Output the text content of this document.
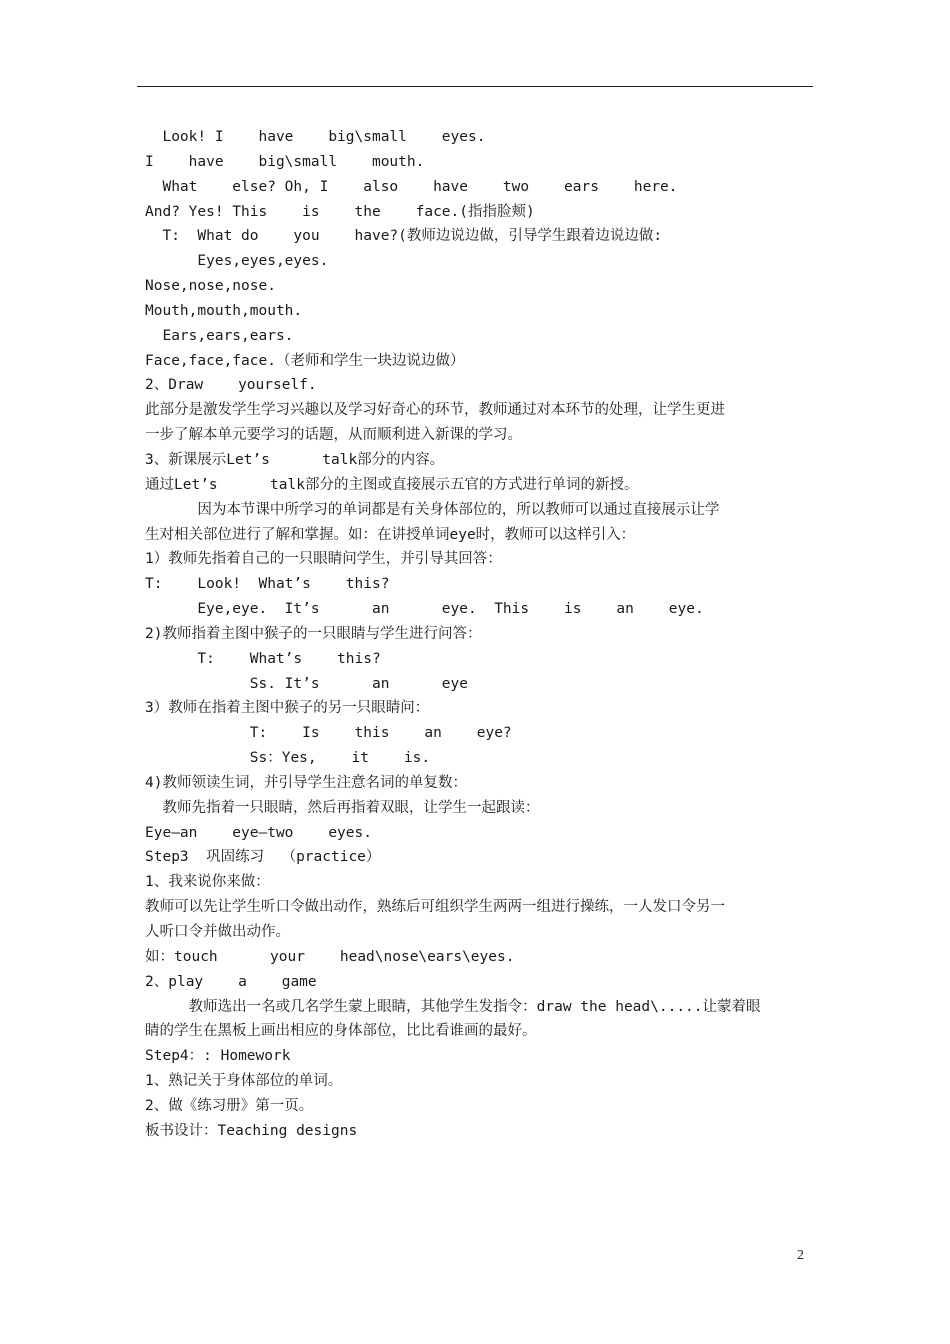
Look! I    have    big\small    eyes.
I    have    big\small    mouth.
What    else? Oh, I    also    have    two    ears    here.
And? Yes! This    is    the    face.(指指脸颊)
T:  What do    you    have?(教师边说边做，引导学生跟着边说边做:
Eyes,eyes,eyes.
Nose,nose,nose.
Mouth,mouth,mouth.
Ears,ears,ears.
Face,face,face.（老师和学生一块边说边做）
2、Draw    yourself.
此部分是激发学生学习兴趣以及学习好奇心的环节，教师通过对本环节的处理，让学生更进
一步了解本单元要学习的话题，从而顺利进入新课的学习。
3、新课展示Let’s      talk部分的内容。
通过Let’s      talk部分的主图或直接展示五官的方式进行单词的新授。
因为本节课中所学习的单词都是有关身体部位的，所以教师可以通过直接展示让学
生对相关部位进行了解和掌握。如：在讲授单词eye时，教师可以这样引入：
1）教师先指着自己的一只眼睛问学生，并引导其回答：
T:    Look!  What’s    this?
Eye,eye.  It’s      an      eye.  This    is    an    eye.
2)教师指着主图中猴子的一只眼睛与学生进行问答：
T:    What’s    this?
Ss. It’s      an      eye
3）教师在指着主图中猴子的另一只眼睛问：
T:    Is    this    an    eye?
Ss：Yes,    it    is.
4)教师领读生词，并引导学生注意名词的单复数：
教师先指着一只眼睛，然后再指着双眼，让学生一起跟读：
Eye—an    eye—two    eyes.
Step3  巩固练习  （practice）
1、我来说你来做：
教师可以先让学生听口令做出动作，熟练后可组织学生两两一组进行操练，一人发口令另一
人听口令并做出动作。
如：touch      your    head\nose\ears\eyes.
2、play    a    game
教师选出一名或几名学生蒙上眼睛，其他学生发指令：draw the head\.....让蒙着眼
睛的学生在黑板上画出相应的身体部位，比比看谁画的最好。
Step4：: Homework
1、熟记关于身体部位的单词。
2、做《练习册》第一页。
板书设计：Teaching designs
2
